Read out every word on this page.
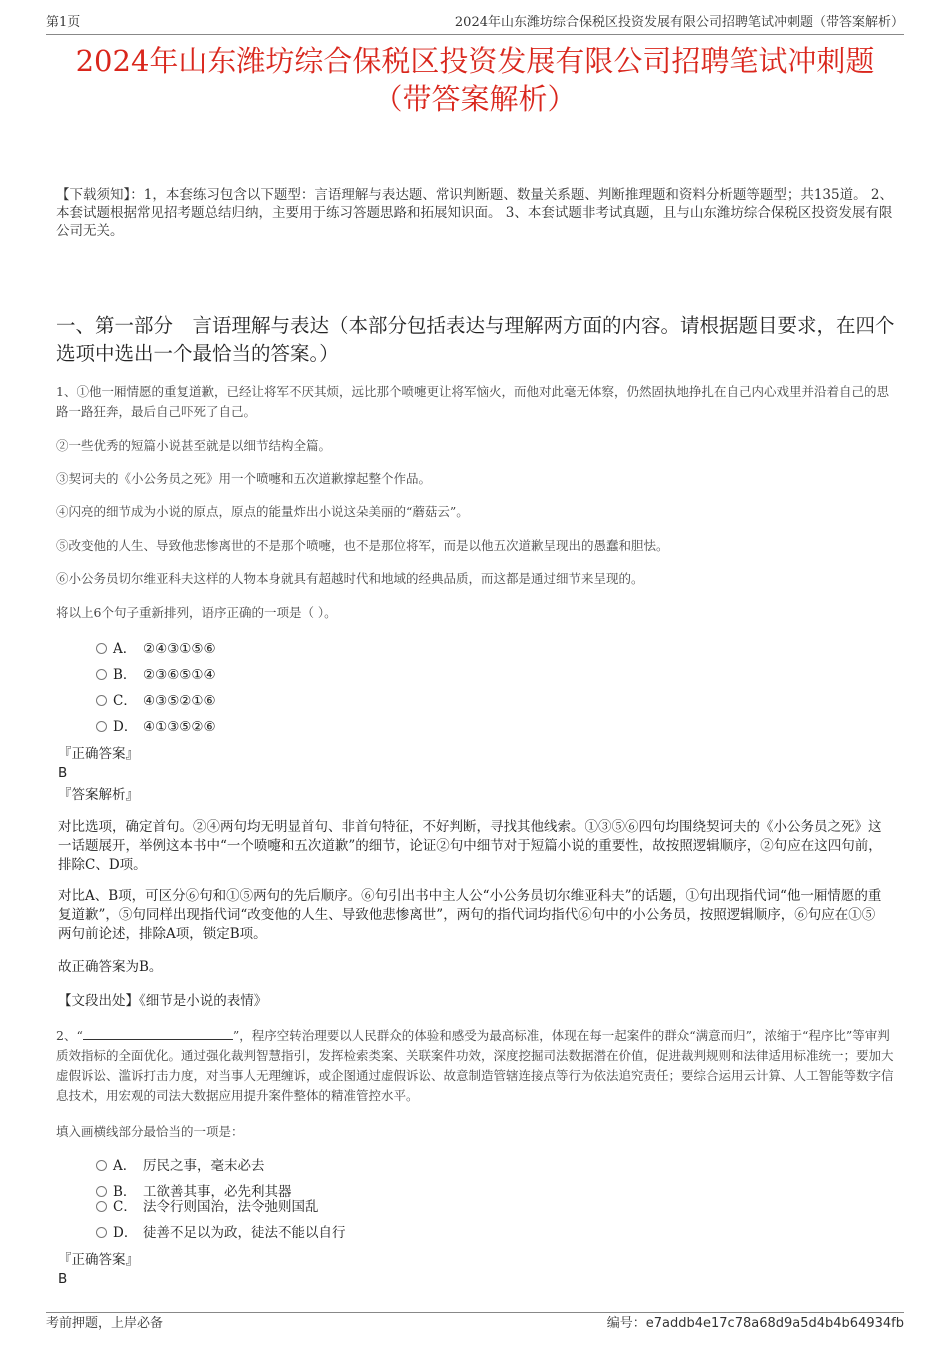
第1页	2024年山东潍坊综合保税区投资发展有限公司招聘笔试冲刺题（带答案解析）
2024年山东潍坊综合保税区投资发展有限公司招聘笔试冲刺题
（带答案解析）
【下载须知】：1，本套练习包含以下题型：言语理解与表达题、常识判断题、数量关系题、判断推理题和资料分析题等题型；共135道。 2、本套试题根据常见招考题总结归纳，主要用于练习答题思路和拓展知识面。 3、本套试题非考试真题，且与山东潍坊综合保税区投资发展有限公司无关。
一、第一部分　言语理解与表达（本部分包括表达与理解两方面的内容。请根据题目要求，在四个选项中选出一个最恰当的答案。）
1、①他一厢情愿的重复道歉，已经让将军不厌其烦，远比那个喷嚏更让将军恼火，而他对此毫无体察，仍然固执地挣扎在自己内心戏里并沿着自己的思路一路狂奔，最后自己吓死了自己。
②一些优秀的短篇小说甚至就是以细节结构全篇。
③契诃夫的《小公务员之死》用一个喷嚏和五次道歉撑起整个作品。
④闪亮的细节成为小说的原点，原点的能量炸出小说这朵美丽的“蘑菇云”。
⑤改变他的人生、导致他悲惨离世的不是那个喷嚏，也不是那位将军，而是以他五次道歉呈现出的愚蠢和胆怯。
⑥小公务员切尔维亚科夫这样的人物本身就具有超越时代和地域的经典品质，而这都是通过细节来呈现的。
将以上6个句子重新排列，语序正确的一项是（ ）。
A． ②④③①⑤⑥
B． ②③⑥⑤①④
C． ④③⑤②①⑥
D． ④①③⑤②⑥
『正确答案』
B
『答案解析』
对比选项，确定首句。②④两句均无明显首句、非首句特征，不好判断，寻找其他线索。①③⑤⑥四句均围绕契诃夫的《小公务员之死》这一话题展开，举例这本书中“一个喷嚏和五次道歉”的细节，论证②句中细节对于短篇小说的重要性，故按照逻辑顺序，②句应在这四句前，排除C、D项。
对比A、B项，可区分⑥句和①⑤两句的先后顺序。⑥句引出书中主人公“小公务员切尔维亚科夫”的话题，①句出现指代词“他一厢情愿的重复道歉”，⑤句同样出现指代词“改变他的人生、导致他悲惨离世”，两句的指代词均指代⑥句中的小公务员，按照逻辑顺序，⑥句应在①⑤两句前论述，排除A项，锁定B项。
故正确答案为B。
【文段出处】《细节是小说的表情》
2、“	”，程序空转治理要以人民群众的体验和感受为最高标准，体现在每一起案件的群众“满意而归”，浓缩于“程序比”等审判质效指标的全面优化。通过强化裁判智慧指引，发挥检索类案、关联案件功效，深度挖掘司法数据潜在价值，促进裁判规则和法律适用标准统一；要加大虚假诉讼、滥诉打击力度，对当事人无理缠诉，或企图通过虚假诉讼、故意制造管辖连接点等行为依法追究责任；要综合运用云计算、人工智能等数字信息技术，用宏观的司法大数据应用提升案件整体的精准管控水平。
填入画横线部分最恰当的一项是：
A． 厉民之事，毫末必去
B． 工欲善其事，必先利其器
C． 法令行则国治，法令弛则国乱
D． 徒善不足以为政，徒法不能以自行
『正确答案』
B
考前押题，上岸必备	编号：e7addb4e17c78a68d9a5d4b4b64934fb
